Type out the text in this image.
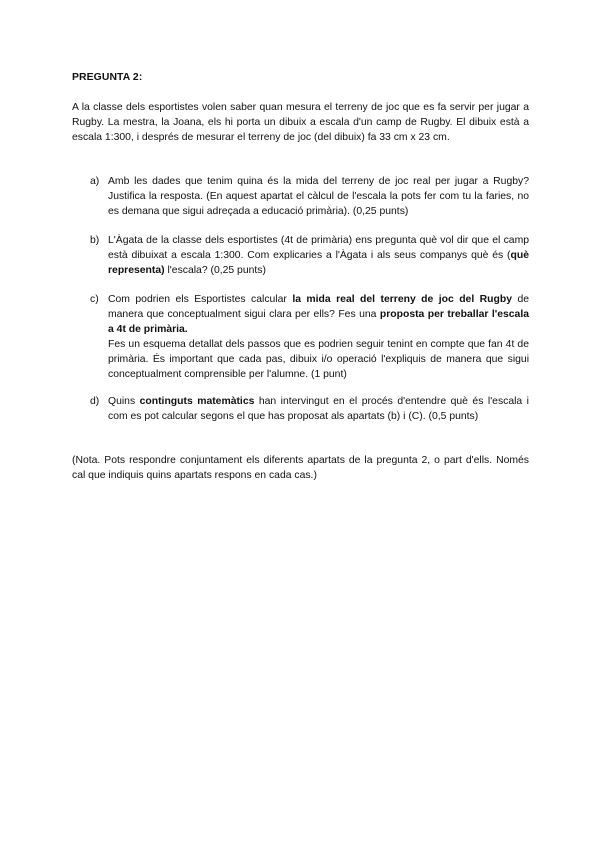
PREGUNTA 2:

A la classe dels esportistes volen saber quan mesura el terreny de joc que es fa servir per jugar a Rugby. La mestra, la Joana, els hi porta un dibuix a escala d'un camp de Rugby. El dibuix està a escala 1:300, i després de mesurar el terreny de joc (del dibuix) fa 33 cm x 23 cm.

a) Amb les dades que tenim quina és la mida del terreny de joc real per jugar a Rugby? Justifica la resposta. (En aquest apartat el càlcul de l'escala la pots fer com tu la faries, no es demana que sigui adreçada a educació primària). (0,25 punts)

b) L'Àgata de la classe dels esportistes (4t de primària) ens pregunta què vol dir que el camp està dibuixat a escala 1:300. Com explicaries a l'Àgata i als seus companys què és (què representa) l'escala? (0,25 punts)

c) Com podrien els Esportistes calcular la mida real del terreny de joc del Rugby de manera que conceptualment sigui clara per ells? Fes una proposta per treballar l'escala a 4t de primària.

Fes un esquema detallat dels passos que es podrien seguir tenint en compte que fan 4t de primària. És important que cada pas, dibuix i/o operació l'expliquis de manera que sigui conceptualment comprensible per l'alumne. (1 punt)

d) Quins continguts matemàtics han intervingut en el procés d'entendre què és l'escala i com es pot calcular segons el que has proposat als apartats (b) i (C). (0,5 punts)

(Nota. Pots respondre conjuntament els diferents apartats de la pregunta 2, o part d'ells. Només cal que indiquis quins apartats respons en cada cas.)
